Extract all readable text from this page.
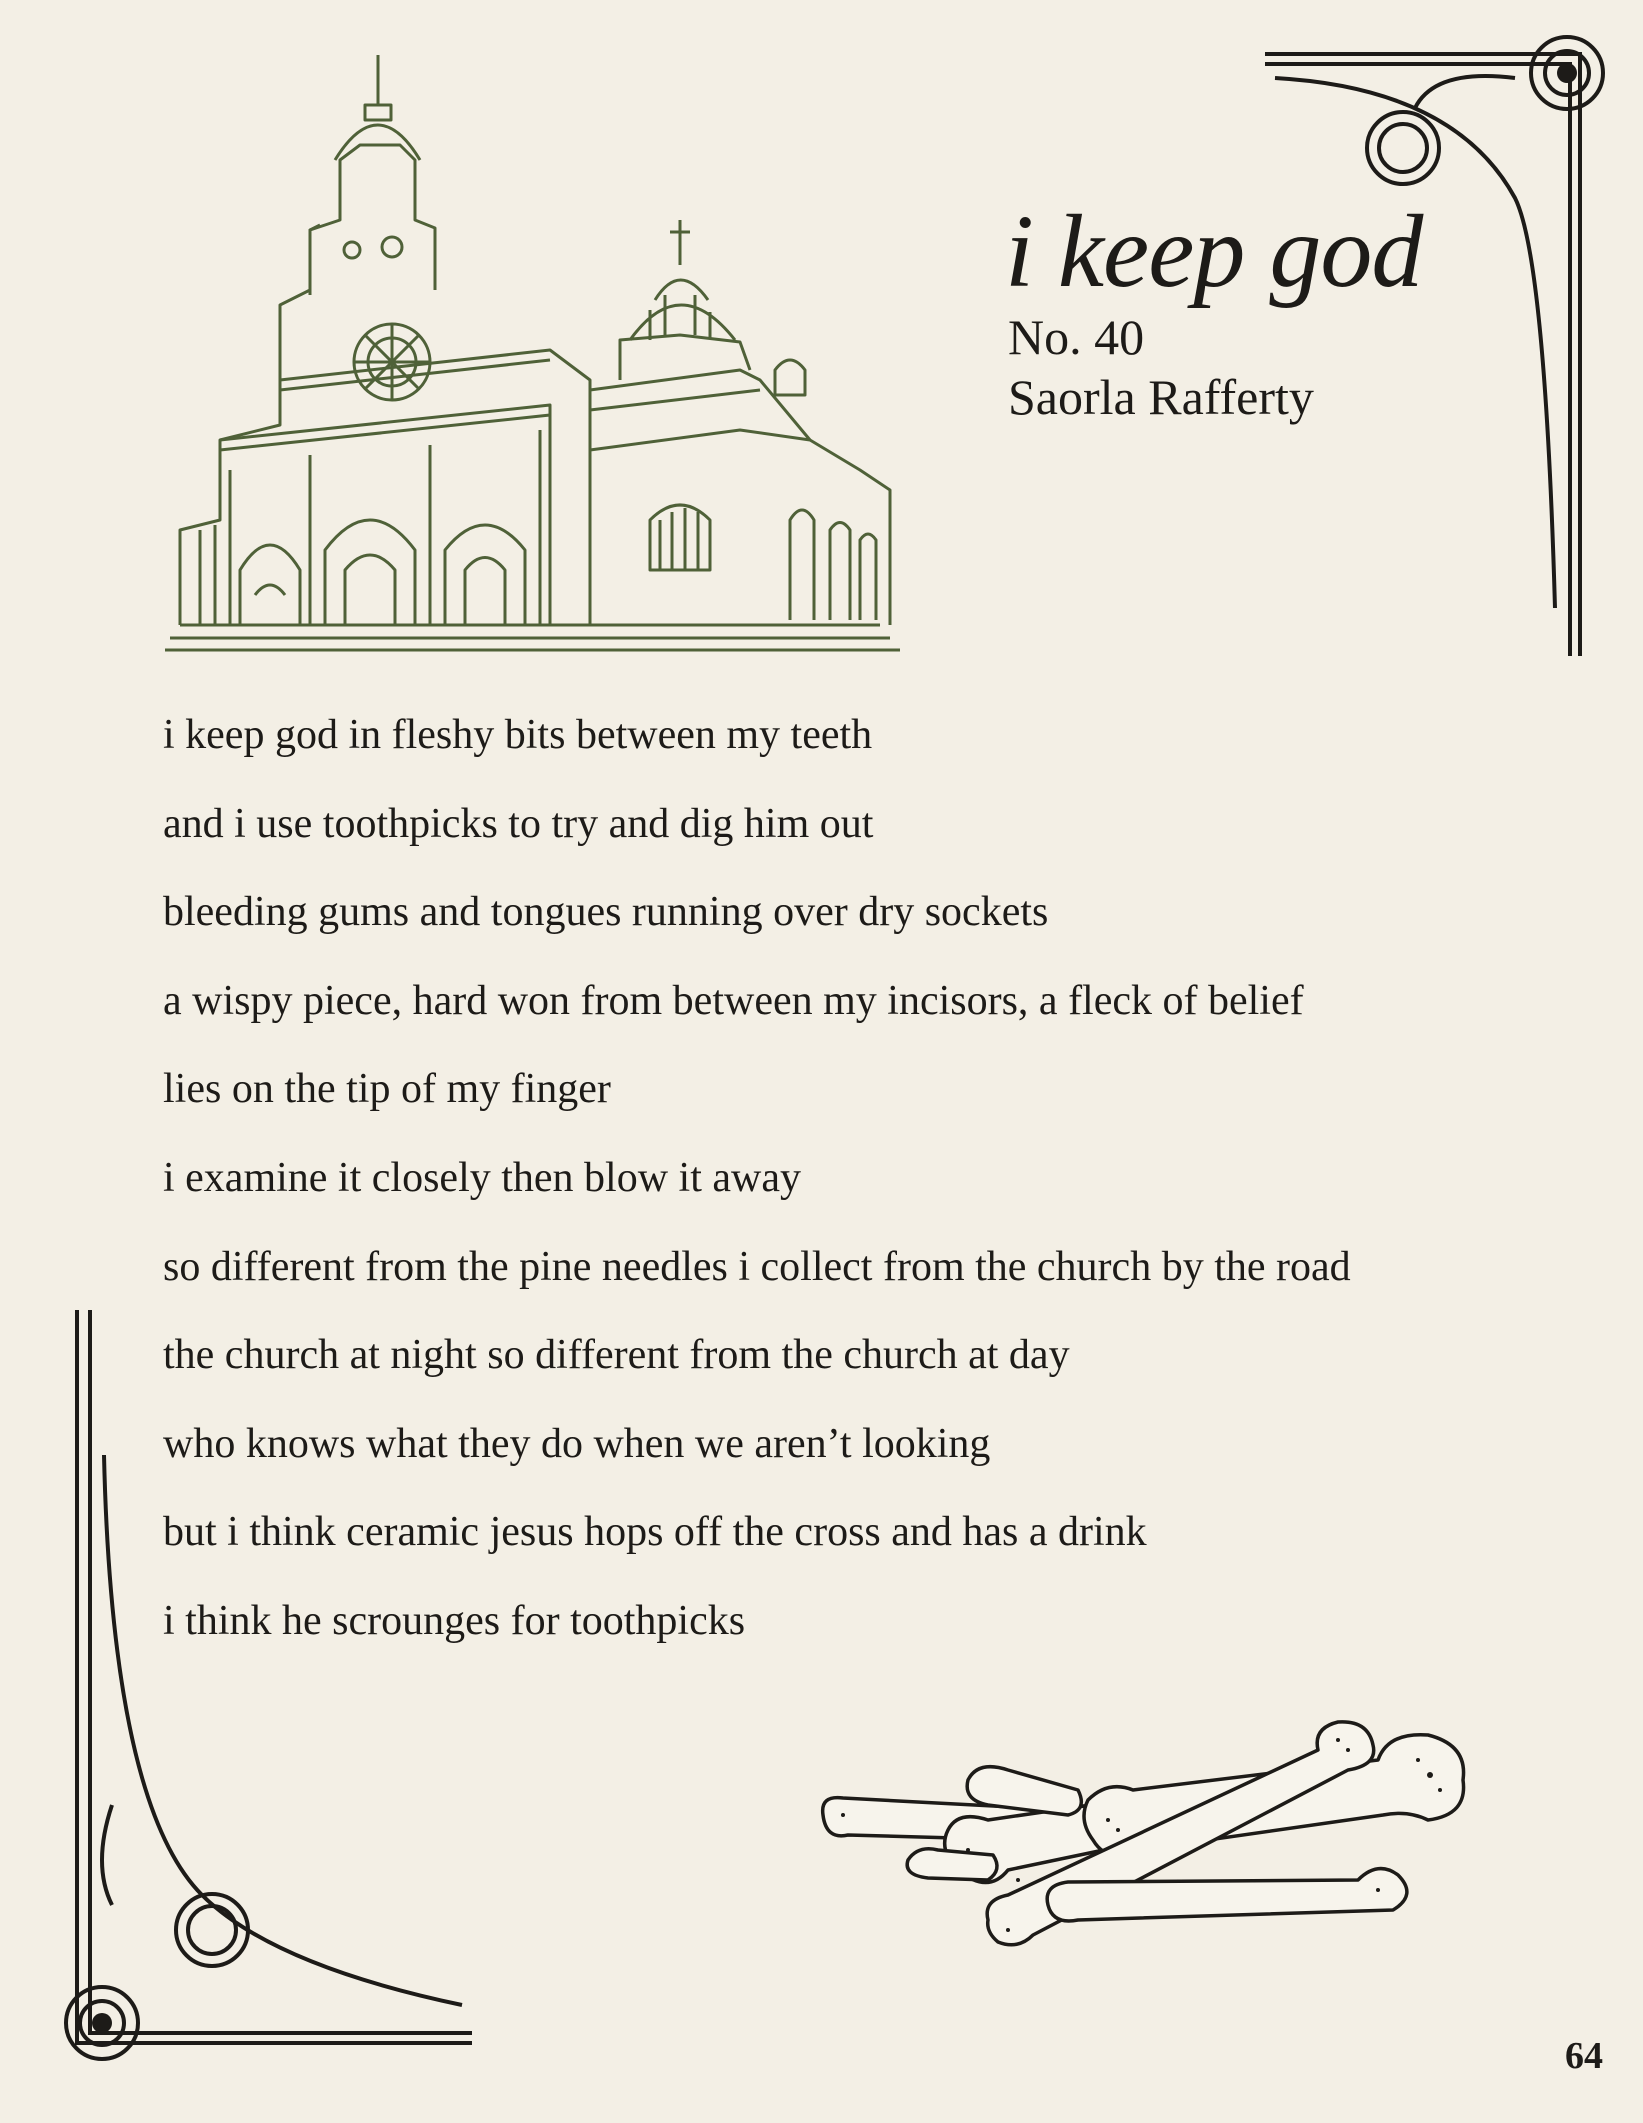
i keep god
No. 40
Saorla Rafferty
i keep god in fleshy bits between my teeth
and i use toothpicks to try and dig him out
bleeding gums and tongues running over dry sockets
a wispy piece, hard won from between my incisors, a fleck of belief
lies on the tip of my finger
i examine it closely then blow it away
so different from the pine needles i collect from the church by the road
the church at night so different from the church at day
who knows what they do when we aren’t looking
but i think ceramic jesus hops off the cross and has a drink
i think he scrounges for toothpicks
64
